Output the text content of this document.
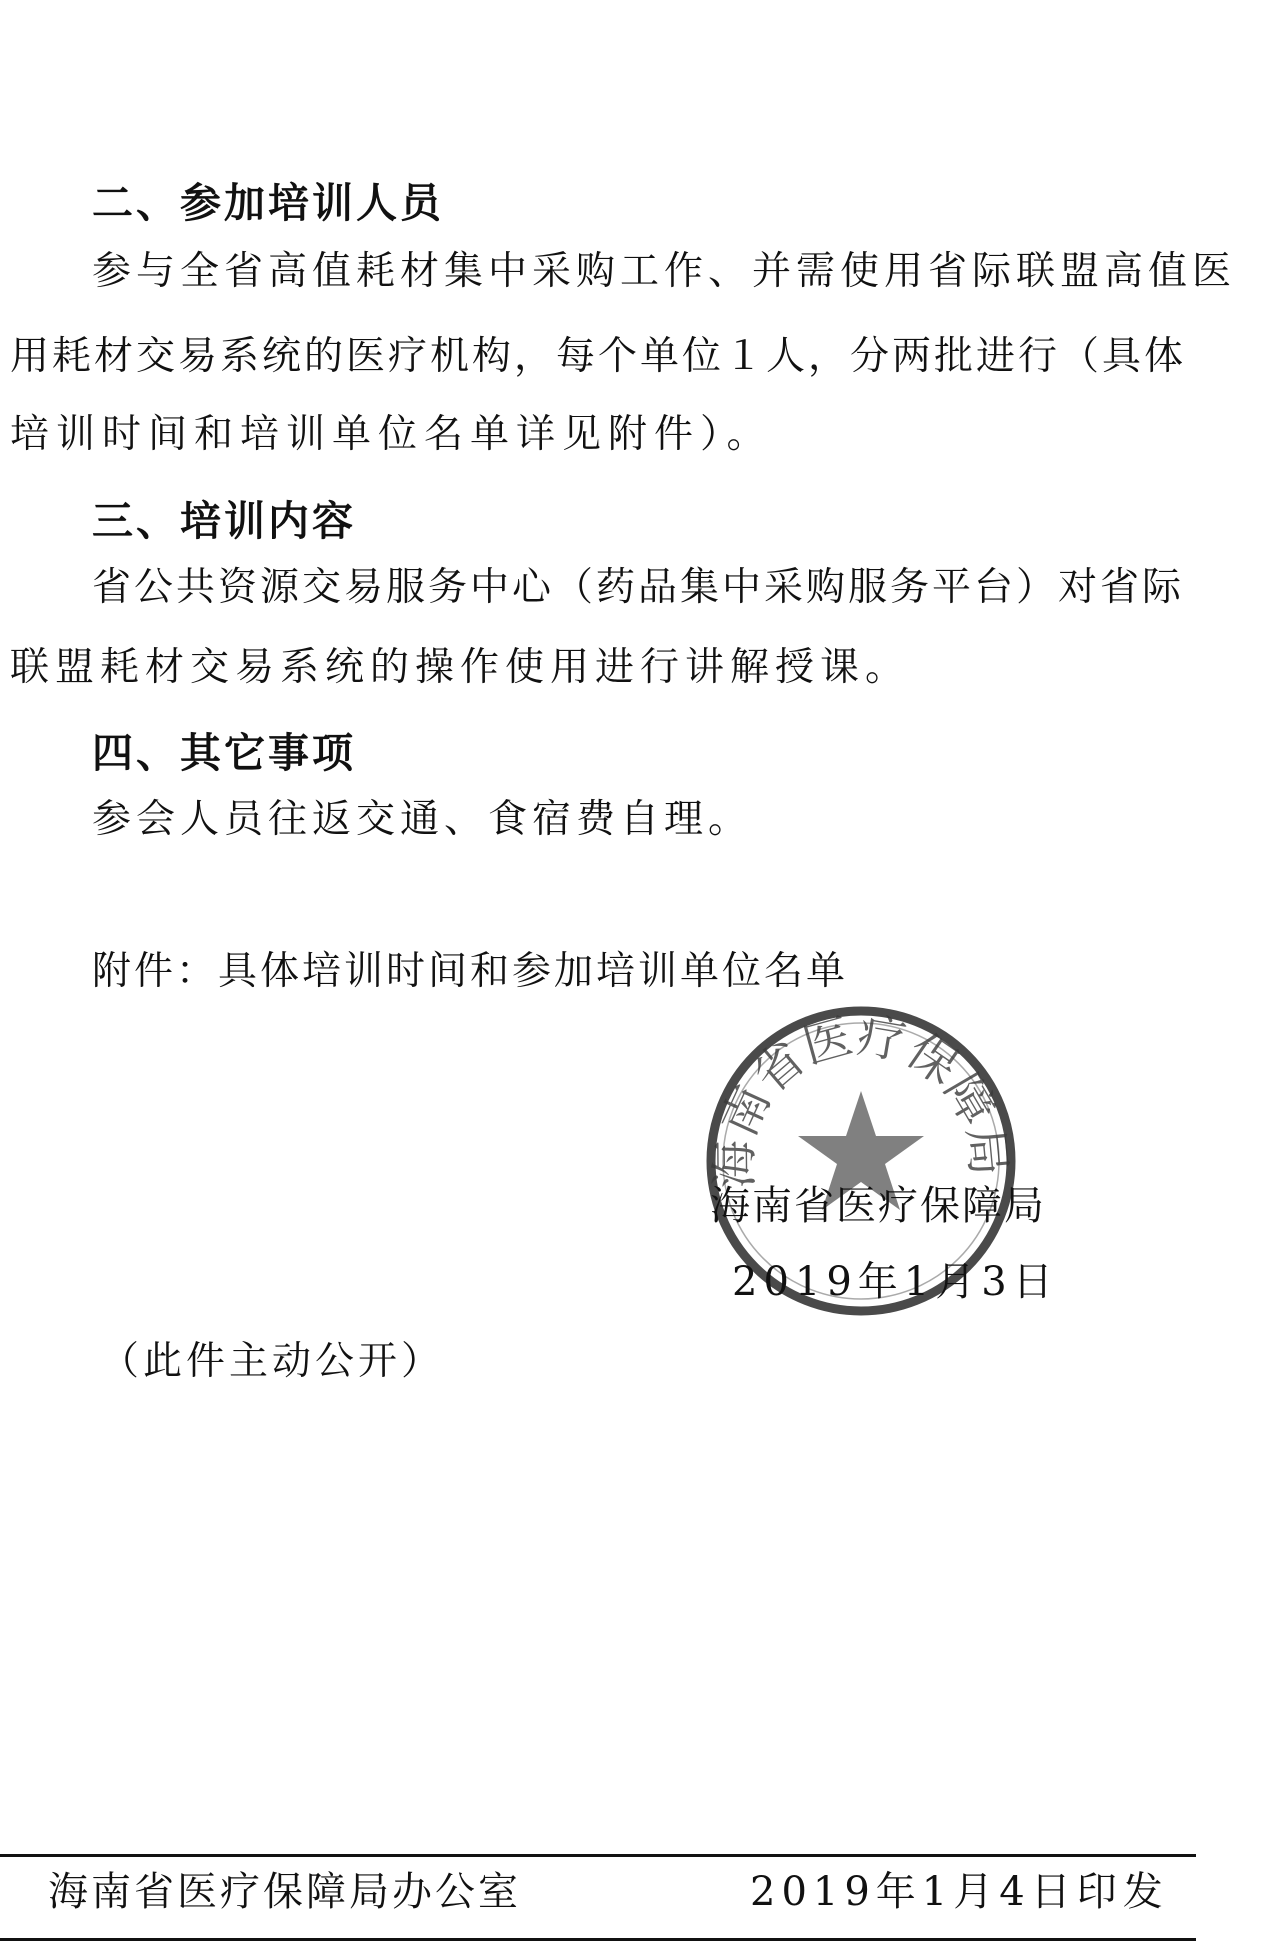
二、参加培训人员

参与全省高值耗材集中采购工作、并需使用省际联盟高值医

用耗材交易系统的医疗机构，每个单位１人，分两批进行（具体

培训时间和培训单位名单详见附件）。

三、培训内容

省公共资源交易服务中心（药品集中采购服务平台）对省际

联盟耗材交易系统的操作使用进行讲解授课。

四、其它事项

参会人员往返交通、食宿费自理。

附件：具体培训时间和参加培训单位名单

海南省医疗保障局
海南省医疗保障局
2019年1月3日

（此件主动公开）

海南省医疗保障局办公室	2019年1月4日印发
